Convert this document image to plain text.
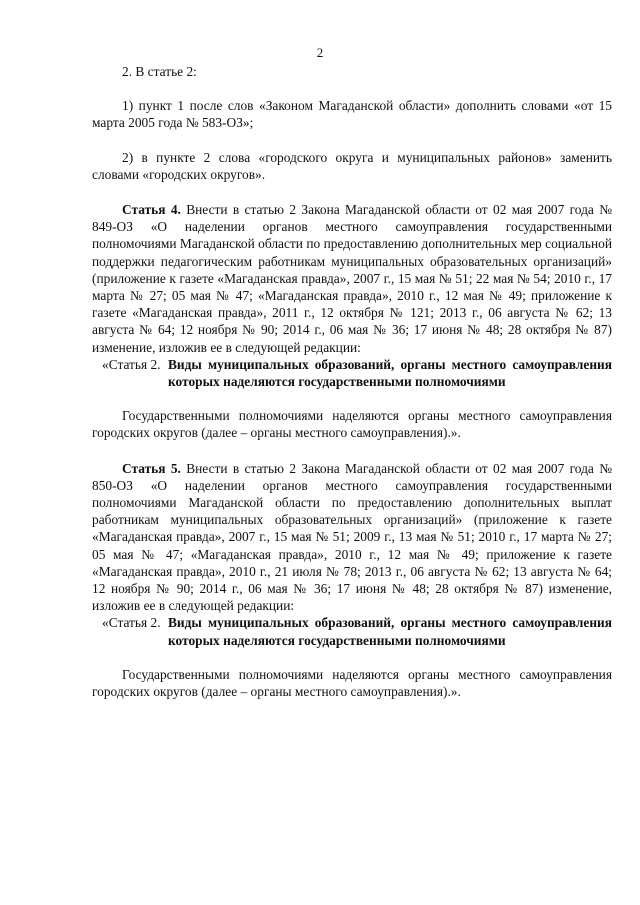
2

2. В статье 2:

1) пункт 1 после слов «Законом Магаданской области» дополнить словами «от 15 марта 2005 года № 583-ОЗ»;

2) в пункте 2 слова «городского округа и муниципальных районов» заменить словами «городских округов».

Статья 4. Внести в статью 2 Закона Магаданской области от 02 мая 2007 года № 849-ОЗ «О наделении органов местного самоуправления государственными полномочиями Магаданской области по предоставлению дополнительных мер социальной поддержки педагогическим работникам муниципальных образовательных организаций» (приложение к газете «Магаданская правда», 2007 г., 15 мая № 51; 22 мая № 54; 2010 г., 17 марта № 27; 05 мая № 47; «Магаданская правда», 2010 г., 12 мая № 49; приложение к газете «Магаданская правда», 2011 г., 12 октября № 121; 2013 г., 06 августа № 62; 13 августа № 64; 12 ноября № 90; 2014 г., 06 мая № 36; 17 июня № 48; 28 октября № 87) изменение, изложив ее в следующей редакции:

«Статья 2. Виды муниципальных образований, органы местного самоуправления которых наделяются государственными полномочиями

Государственными полномочиями наделяются органы местного самоуправления городских округов (далее – органы местного самоуправления).».

Статья 5. Внести в статью 2 Закона Магаданской области от 02 мая 2007 года № 850-ОЗ «О наделении органов местного самоуправления государственными полномочиями Магаданской области по предоставлению дополнительных выплат работникам муниципальных образовательных организаций» (приложение к газете «Магаданская правда», 2007 г., 15 мая № 51; 2009 г., 13 мая № 51; 2010 г., 17 марта № 27; 05 мая № 47; «Магаданская правда», 2010 г., 12 мая № 49; приложение к газете «Магаданская правда», 2010 г., 21 июля № 78; 2013 г., 06 августа № 62; 13 августа № 64; 12 ноября № 90; 2014 г., 06 мая № 36; 17 июня № 48; 28 октября № 87) изменение, изложив ее в следующей редакции:

«Статья 2. Виды муниципальных образований, органы местного самоуправления которых наделяются государственными полномочиями

Государственными полномочиями наделяются органы местного самоуправления городских округов (далее – органы местного самоуправления).».
